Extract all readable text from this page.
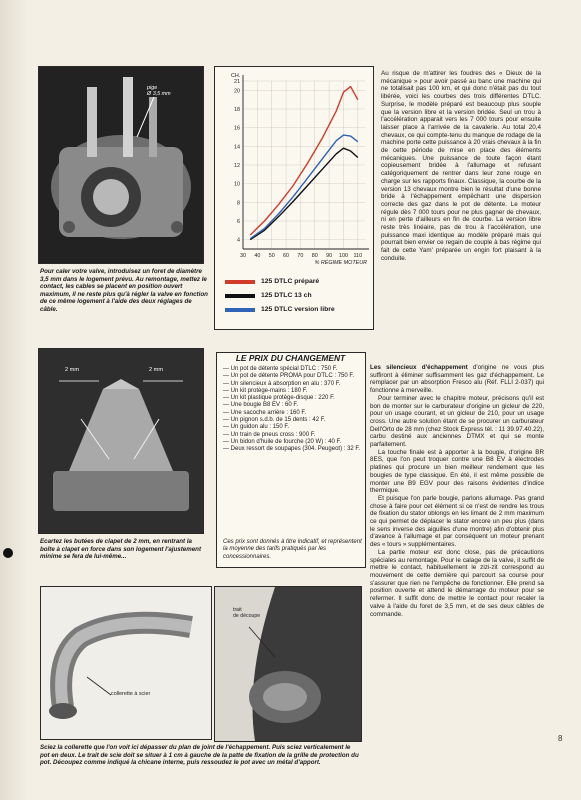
pige
Ø 3,5 mm
Pour caler votre valve, introduisez un foret de diamètre 3,5 mm dans le logement prévu. Au remontage, mettez le contact, les cables se placent en position ouvert maximum, il ne reste plus qu'à régler la valve en fonction de ce même logement à l'aide des deux réglages de câble.
30 40 50 60 70 80 90 100 110
4
6
8
10
12
14
16
18
20
21
CH.
% RÉGIME MOTEUR
125 DTLC préparé
125 DTLC 13 ch
125 DTLC version libre
Au risque de m'attirer les foudres des « Dieux de la mécanique » pour avoir passé au banc une machine qui ne totalisait pas 100 km, et qui donc n'était pas du tout libérée, voici les courbes des trois différentes DTLC. Surprise, le modèle préparé est beaucoup plus souple que la version libre et la version bridée. Seul un trou à l'accélération apparait vers les 7 000 tours pour ensuite laisser place à l'arrivée de la cavalerie. Au total 20,4 chevaux, ce qui compte-tenu du manque de rodage de la machine porte cette puissance à 20 vrais chevaux à la fin de cette période de mise en place des éléments mécaniques. Une puissance de toute façon étant copieusement bridée à l'allumage et refusant catégoriquement de rentrer dans leur zone rouge en charge sur les rapports finaux. Classique, la courbe de la version 13 chevaux montre bien le résultat d'une bonne bride à l'échappement empêchant une dispersion correcte des gaz dans le pot de détente. Le moteur régule dès 7 000 tours pour ne plus gagner de chevaux, ni en perte d'ailleurs en fin de courbe. La version libre reste très linéaire, pas de trou à l'accélération, une puissance maxi identique au modèle préparé mais qui pourrait bien envier ce regain de couple à bas régime qui fait de cette Yam' préparée un engin fort plaisant à la conduite.
2 mm	2 mm
Ecartez les butées de clapet de 2 mm, en rentrant la boîte à clapet en force dans son logement l'ajustement minime se fera de lui-même...
LE PRIX DU CHANGEMENT
— Un pot de détente spécial DTLC : 750 F.
— Un pot de détente PROMA pour DTLC : 750 F.
— Un silencieux à absorption en alu : 370 F.
— Un kit protège-mains : 180 F.
— Un kit plastique protège-disque : 220 F.
— Une bougie B8 EV : 60 F.
— Une sacoche arrière : 160 F.
— Un pignon s.d.b. de 15 dents : 42 F.
— Un guidon alu : 150 F.
— Un train de pneus cross : 900 F.
— Un bidon d'huile de fourche (20 W) : 40 F.
— Deux ressort de soupapes (304. Peugeot) : 32 F.
Ces prix sont donnés à titre indicatif, et représentent la moyenne des tarifs pratiqués par les concessionnaires.

Les silencieux d'échappement d'origine ne vous plus suffiront à éliminer suffisamment les gaz d'échappement. Le remplacer par un absorption Fresco alu (Réf. FLLI 2-037) qui fonctionne à merveille.

Pour terminer avec le chapitre moteur, précisons qu'il est bon de monter sur le carburateur d'origine un gicleur de 220, pour un usage courant, et un gicleur de 210, pour un usage cross. Une autre solution étant de se procurer un carburateur Dell'Orto de 28 mm (chez Stock Express tél. : 11 39.97.40.22), carbu destiné aux anciennes DTMX et qui se monte parfaitement.

La touche finale est à apporter à la bougie, d'origine BR 8ES, que l'on peut troquer contre une B8 EV à électrodes platines qui procure un bien meilleur rendement que les bougies de type classique. En été, il est même possible de monter une B9 EGV pour des raisons évidentes d'indice thermique.

Et puisque l'on parle bougie, parlons allumage. Pas grand chose à faire pour cet élément si ce n'est de rendre les trous de fixation du stator oblongs en les limant de 2 mm maximum ce qui permet de déplacer le stator encore un peu plus (dans le sens inverse des aiguilles d'une montre) afin d'obtenir plus d'avance à l'allumage et par conséquent un moteur prenant des « tours » supplémentaires.

La partie moteur est donc close, pas de précautions spéciales au remontage. Pour le calage de la valve, il suffit de mettre le contact, habituellement le zizi-zit correspond au mouvement de cette dernière qui parcourt sa course pour s'assurer que rien ne l'empêche de fonctionner. Elle prend sa position ouverte et attend le démarrage du moteur pour se refermer. Il suffit donc de mettre le contact pour recaler la valve à l'aide du foret de 3,5 mm, et de ses deux câbles de commande.

collerette à scier
trait
de découpe
Sciez la collerette que l'on voit ici dépasser du plan de joint de l'échappement. Puis sciez verticalement le pot en deux. Le trait de scie doit se situer à 1 cm à gauche de la patte de fixation de la grille de protection du pot. Découpez comme indiqué la chicane interne, puis ressoudez le pot avec un métal d'apport.
8
